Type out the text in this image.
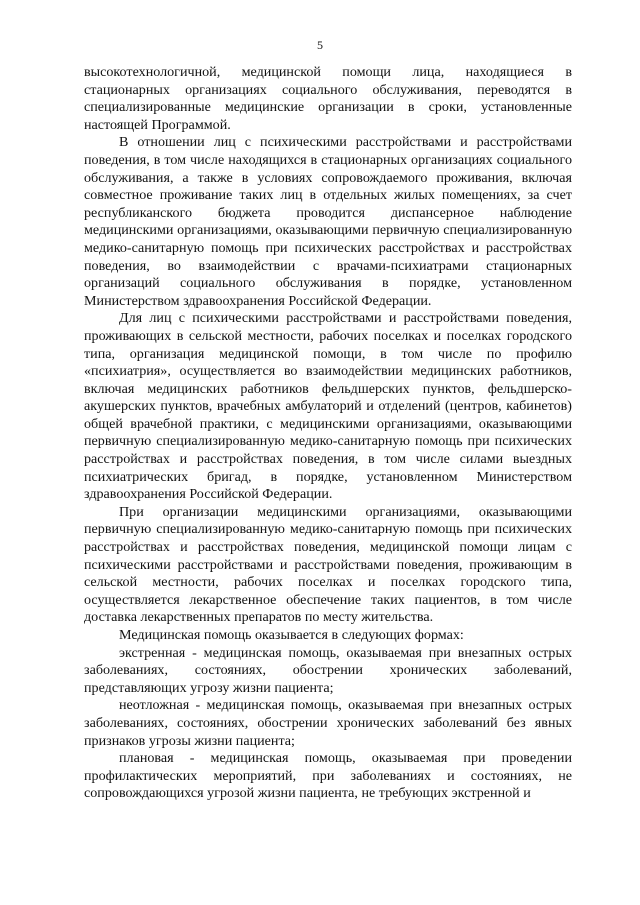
5

высокотехнологичной, медицинской помощи лица, находящиеся в стационарных организациях социального обслуживания, переводятся в специализированные медицинские организации в сроки, установленные настоящей Программой.

В отношении лиц с психическими расстройствами и расстройствами поведения, в том числе находящихся в стационарных организациях социального обслуживания, а также в условиях сопровождаемого проживания, включая совместное проживание таких лиц в отдельных жилых помещениях, за счет республиканского бюджета проводится диспансерное наблюдение медицинскими организациями, оказывающими первичную специализированную медико-санитарную помощь при психических расстройствах и расстройствах поведения, во взаимодействии с врачами-психиатрами стационарных организаций социального обслуживания в порядке, установленном Министерством здравоохранения Российской Федерации.

Для лиц с психическими расстройствами и расстройствами поведения, проживающих в сельской местности, рабочих поселках и поселках городского типа, организация медицинской помощи, в том числе по профилю «психиатрия», осуществляется во взаимодействии медицинских работников, включая медицинских работников фельдшерских пунктов, фельдшерско-акушерских пунктов, врачебных амбулаторий и отделений (центров, кабинетов) общей врачебной практики, с медицинскими организациями, оказывающими первичную специализированную медико-санитарную помощь при психических расстройствах и расстройствах поведения, в том числе силами выездных психиатрических бригад, в порядке, установленном Министерством здравоохранения Российской Федерации.

При организации медицинскими организациями, оказывающими первичную специализированную медико-санитарную помощь при психических расстройствах и расстройствах поведения, медицинской помощи лицам с психическими расстройствами и расстройствами поведения, проживающим в сельской местности, рабочих поселках и поселках городского типа, осуществляется лекарственное обеспечение таких пациентов, в том числе доставка лекарственных препаратов по месту жительства.

Медицинская помощь оказывается в следующих формах:

экстренная - медицинская помощь, оказываемая при внезапных острых заболеваниях, состояниях, обострении хронических заболеваний, представляющих угрозу жизни пациента;

неотложная - медицинская помощь, оказываемая при внезапных острых заболеваниях, состояниях, обострении хронических заболеваний без явных признаков угрозы жизни пациента;

плановая - медицинская помощь, оказываемая при проведении профилактических мероприятий, при заболеваниях и состояниях, не сопровождающихся угрозой жизни пациента, не требующих экстренной и
